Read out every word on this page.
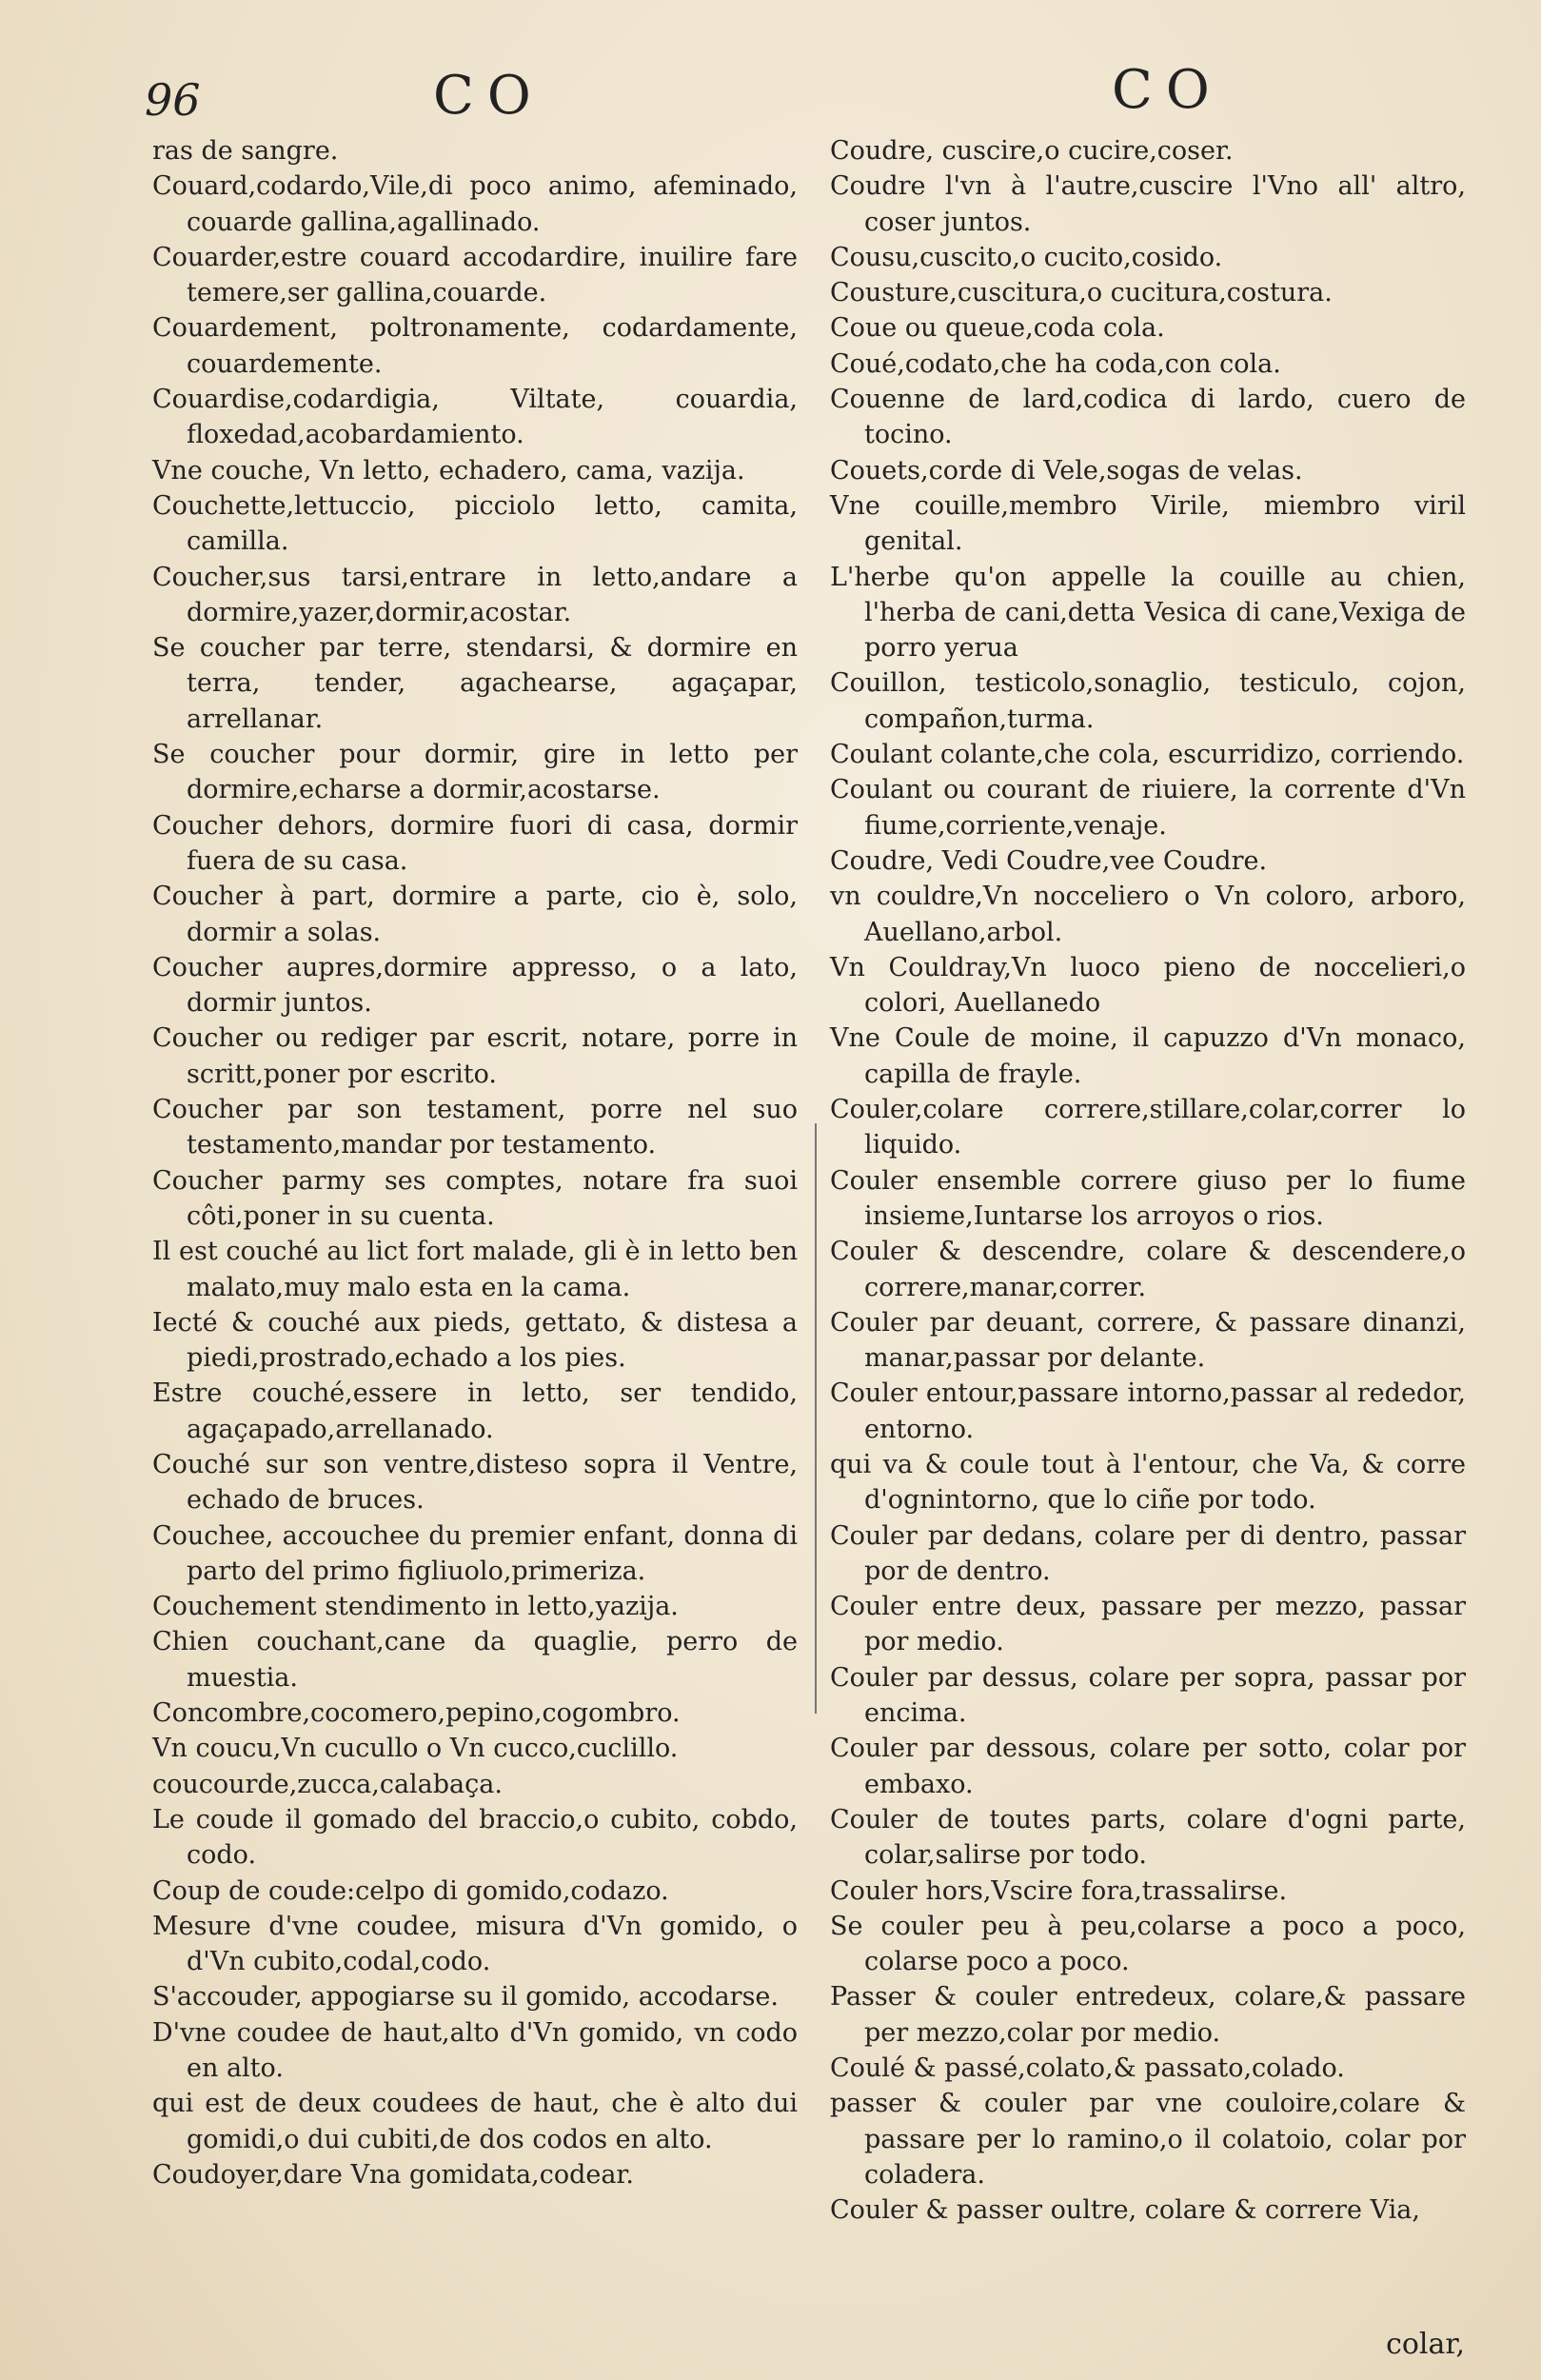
96	CO	CO

ras de sangre.

Couard,codardo,Vile,di poco animo, afeminado, couarde gallina,agallinado.

Couarder,estre couard accodardire, inuilire fare temere,ser gallina,couarde.

Couardement, poltronamente, codardamente, couardemente.

Couardise,codardigia, Viltate, couardia, floxedad,acobardamiento.

Vne couche, Vn letto, echadero, cama, vazija.

Couchette,lettuccio, picciolo letto, camita, camilla.

Coucher,sus tarsi,entrare in letto,andare a dormire,yazer,dormir,acostar.

Se coucher par terre, stendarsi, & dormire en terra, tender, agachearse, agaçapar, arrellanar.

Se coucher pour dormir, gire in letto per dormire,echarse a dormir,acostarse.

Coucher dehors, dormire fuori di casa, dormir fuera de su casa.

Coucher à part, dormire a parte, cio è, solo, dormir a solas.

Coucher aupres,dormire appresso, o a lato, dormir juntos.

Coucher ou rediger par escrit, notare, porre in scritt,poner por escrito.

Coucher par son testament, porre nel suo testamento,mandar por testamento.

Coucher parmy ses comptes, notare fra suoi côti,poner in su cuenta.

Il est couché au lict fort malade, gli è in letto ben malato,muy malo esta en la cama.

Iecté & couché aux pieds, gettato, & distesa a piedi,prostrado,echado a los pies.

Estre couché,essere in letto, ser tendido, agaçapado,arrellanado.

Couché sur son ventre,disteso sopra il Ventre, echado de bruces.

Couchee, accouchee du premier enfant, donna di parto del primo figliuolo,primeriza.

Couchement stendimento in letto,yazija.

Chien couchant,cane da quaglie, perro de muestia.

Concombre,cocomero,pepino,cogombro.

Vn coucu,Vn cucullo o Vn cucco,cuclillo.

coucourde,zucca,calabaça.

Le coude il gomado del braccio,o cubito, cobdo, codo.

Coup de coude:celpo di gomido,codazo.

Mesure d'vne coudee, misura d'Vn gomido, o d'Vn cubito,codal,codo.

S'accouder, appogiarse su il gomido, accodarse.

D'vne coudee de haut,alto d'Vn gomido, vn codo en alto.

qui est de deux coudees de haut, che è alto dui gomidi,o dui cubiti,de dos codos en alto.

Coudoyer,dare Vna gomidata,codear.

Coudre, cuscire,o cucire,coser.

Coudre l'vn à l'autre,cuscire l'Vno all' altro, coser juntos.

Cousu,cuscito,o cucito,cosido.

Cousture,cuscitura,o cucitura,costura.

Coue ou queue,coda cola.

Coué,codato,che ha coda,con cola.

Couenne de lard,codica di lardo, cuero de tocino.

Couets,corde di Vele,sogas de velas.

Vne couille,membro Virile, miembro viril genital.

L'herbe qu'on appelle la couille au chien, l'herba de cani,detta Vesica di cane,Vexiga de porro yerua

Couillon, testicolo,sonaglio, testiculo, cojon, compañon,turma.

Coulant colante,che cola, escurridizo, corriendo.

Coulant ou courant de riuiere, la corrente d'Vn fiume,corriente,venaje.

Coudre, Vedi Coudre,vee Coudre.

vn couldre,Vn nocceliero o Vn coloro, arboro, Auellano,arbol.

Vn Couldray,Vn luoco pieno de noccelieri,o colori, Auellanedo

Vne Coule de moine, il capuzzo d'Vn monaco, capilla de frayle.

Couler,colare correre,stillare,colar,correr lo liquido.

Couler ensemble correre giuso per lo fiume insieme,Iuntarse los arroyos o rios.

Couler & descendre, colare & descendere,o correre,manar,correr.

Couler par deuant, correre, & passare dinanzi, manar,passar por delante.

Couler entour,passare intorno,passar al rededor, entorno.

qui va & coule tout à l'entour, che Va, & corre d'ognintorno, que lo ciñe por todo.

Couler par dedans, colare per di dentro, passar por de dentro.

Couler entre deux, passare per mezzo, passar por medio.

Couler par dessus, colare per sopra, passar por encima.

Couler par dessous, colare per sotto, colar por embaxo.

Couler de toutes parts, colare d'ogni parte, colar,salirse por todo.

Couler hors,Vscire fora,trassalirse.

Se couler peu à peu,colarse a poco a poco, colarse poco a poco.

Passer & couler entredeux, colare,& passare per mezzo,colar por medio.

Coulé & passé,colato,& passato,colado.

passer & couler par vne couloire,colare & passare per lo ramino,o il colatoio, colar por coladera.

Couler & passer oultre, colare & correre Via,

colar,
